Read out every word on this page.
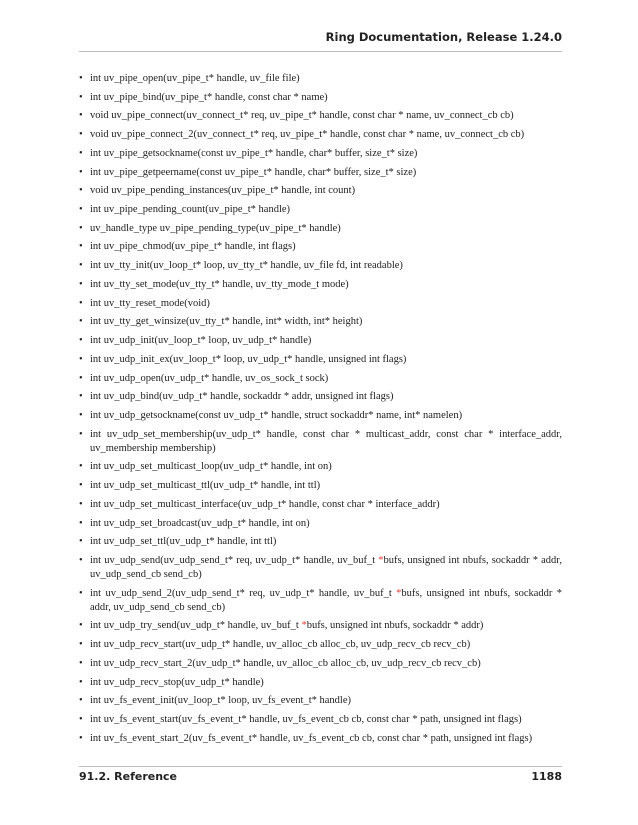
Ring Documentation, Release 1.24.0
• int uv_pipe_open(uv_pipe_t* handle, uv_file file)
• int uv_pipe_bind(uv_pipe_t* handle, const char * name)
• void uv_pipe_connect(uv_connect_t* req, uv_pipe_t* handle, const char * name, uv_connect_cb cb)
• void uv_pipe_connect_2(uv_connect_t* req, uv_pipe_t* handle, const char * name, uv_connect_cb cb)
• int uv_pipe_getsockname(const uv_pipe_t* handle, char* buffer, size_t* size)
• int uv_pipe_getpeername(const uv_pipe_t* handle, char* buffer, size_t* size)
• void uv_pipe_pending_instances(uv_pipe_t* handle, int count)
• int uv_pipe_pending_count(uv_pipe_t* handle)
• uv_handle_type uv_pipe_pending_type(uv_pipe_t* handle)
• int uv_pipe_chmod(uv_pipe_t* handle, int flags)
• int uv_tty_init(uv_loop_t* loop, uv_tty_t* handle, uv_file fd, int readable)
• int uv_tty_set_mode(uv_tty_t* handle, uv_tty_mode_t mode)
• int uv_tty_reset_mode(void)
• int uv_tty_get_winsize(uv_tty_t* handle, int* width, int* height)
• int uv_udp_init(uv_loop_t* loop, uv_udp_t* handle)
• int uv_udp_init_ex(uv_loop_t* loop, uv_udp_t* handle, unsigned int flags)
• int uv_udp_open(uv_udp_t* handle, uv_os_sock_t sock)
• int uv_udp_bind(uv_udp_t* handle, sockaddr * addr, unsigned int flags)
• int uv_udp_getsockname(const uv_udp_t* handle, struct sockaddr* name, int* namelen)
• int uv_udp_set_membership(uv_udp_t* handle, const char * multicast_addr, const char * interface_addr, uv_membership membership)
• int uv_udp_set_multicast_loop(uv_udp_t* handle, int on)
• int uv_udp_set_multicast_ttl(uv_udp_t* handle, int ttl)
• int uv_udp_set_multicast_interface(uv_udp_t* handle, const char * interface_addr)
• int uv_udp_set_broadcast(uv_udp_t* handle, int on)
• int uv_udp_set_ttl(uv_udp_t* handle, int ttl)
• int uv_udp_send(uv_udp_send_t* req, uv_udp_t* handle, uv_buf_t *bufs, unsigned int nbufs, sockaddr * addr, uv_udp_send_cb send_cb)
• int uv_udp_send_2(uv_udp_send_t* req, uv_udp_t* handle, uv_buf_t *bufs, unsigned int nbufs, sockaddr * addr, uv_udp_send_cb send_cb)
• int uv_udp_try_send(uv_udp_t* handle, uv_buf_t *bufs, unsigned int nbufs, sockaddr * addr)
• int uv_udp_recv_start(uv_udp_t* handle, uv_alloc_cb alloc_cb, uv_udp_recv_cb recv_cb)
• int uv_udp_recv_start_2(uv_udp_t* handle, uv_alloc_cb alloc_cb, uv_udp_recv_cb recv_cb)
• int uv_udp_recv_stop(uv_udp_t* handle)
• int uv_fs_event_init(uv_loop_t* loop, uv_fs_event_t* handle)
• int uv_fs_event_start(uv_fs_event_t* handle, uv_fs_event_cb cb, const char * path, unsigned int flags)
• int uv_fs_event_start_2(uv_fs_event_t* handle, uv_fs_event_cb cb, const char * path, unsigned int flags)
91.2. Reference	1188
